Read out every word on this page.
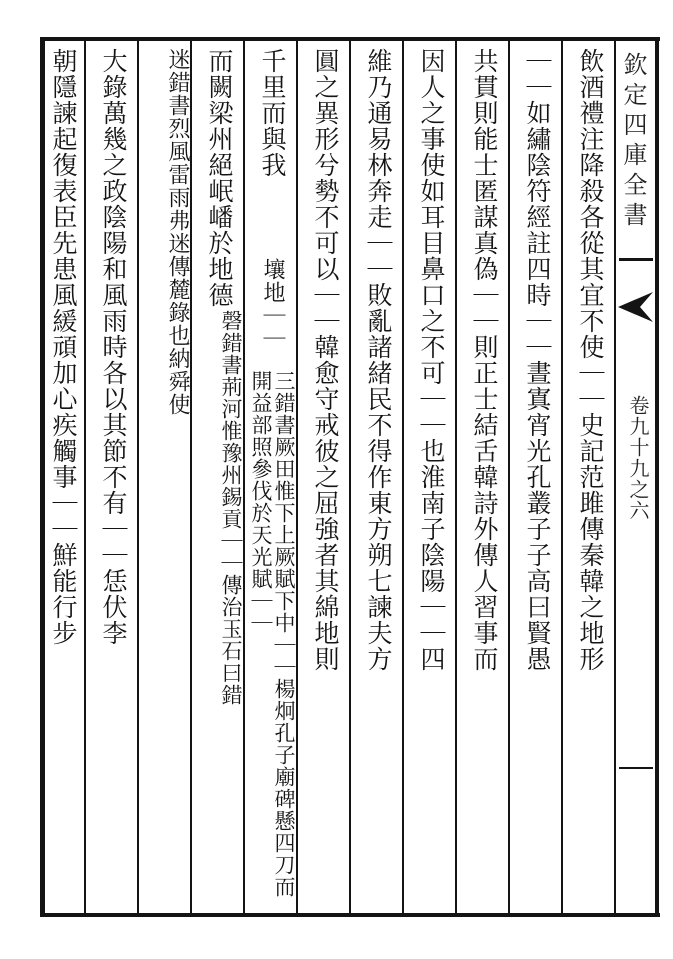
欽定四庫全書
卷九十九之六
飲酒禮注降殺各從其宜不使｜｜史記范雎傳秦韓之地形
｜｜如繡陰符經註四時｜｜晝寘宵光孔叢子子高曰賢愚
共貫則能士匿謀真偽｜｜則正士結舌韓詩外傳人習事而
因人之事使如耳目鼻口之不可｜｜也淮南子陰陽｜｜四
維乃通易林奔走｜｜敗亂諸緒民不得作東方朔七諫夫方
圓之異形兮勢不可以｜｜韓愈守戒彼之屈強者其綿地則
千里而與我
壤地｜｜
三錯書厥田惟下上厥賦下中｜｜楊炯孔子廟碑懸四刀而開益部照參伐於天光賦｜｜
而闕梁州絕岷嶓於地德
磬錯書荊河惟豫州錫貢｜｜傳治玉石曰錯
迷錯書烈風雷雨弗迷傳麓錄也納舜使
大錄萬幾之政陰陽和風雨時各以其節不有｜｜恁伏李
朝隱諫起復表臣先患風緩頑加心疾觸事｜｜鮮能行步
